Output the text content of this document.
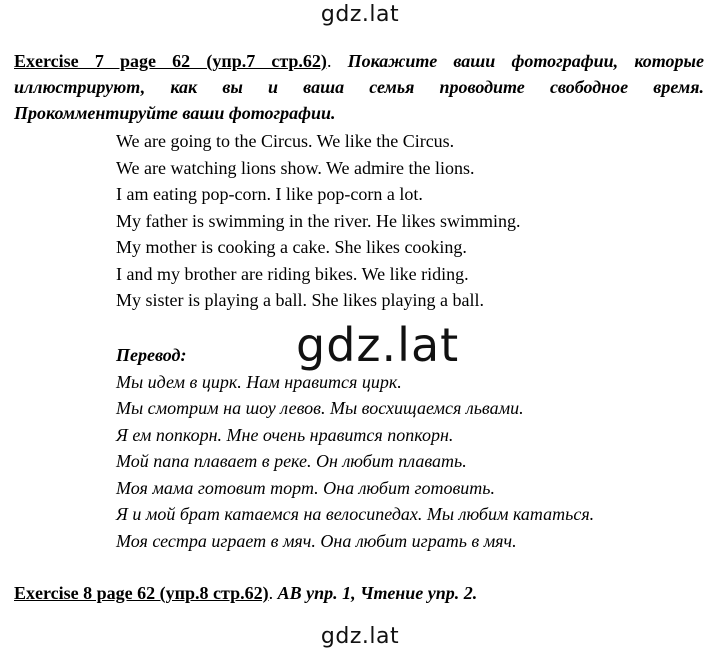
gdz.lat
Exercise 7 page 62 (упр.7 стр.62). Покажите ваши фотографии, которые иллюстрируют, как вы и ваша семья проводите свободное время. Прокомментируйте ваши фотографии.
We are going to the Circus. We like the Circus.
We are watching lions show. We admire the lions.
I am eating pop-corn. I like pop-corn a lot.
My father is swimming in the river. He likes swimming.
My mother is cooking a cake. She likes cooking.
I and my brother are riding bikes. We like riding.
My sister is playing a ball. She likes playing a ball.
gdz.lat
Перевод:
Мы идем в цирк. Нам нравится цирк.
Мы смотрим на шоу левов. Мы восхищаемся львами.
Я ем попкорн. Мне очень нравится попкорн.
Мой папа плавает в реке. Он любит плавать.
Моя мама готовит торт. Она любит готовить.
Я и мой брат катаемся на велосипедах. Мы любим кататься.
Моя сестра играет в мяч. Она любит играть в мяч.
Exercise 8 page 62 (упр.8 стр.62). АВ упр. 1, Чтение упр. 2.
gdz.lat
